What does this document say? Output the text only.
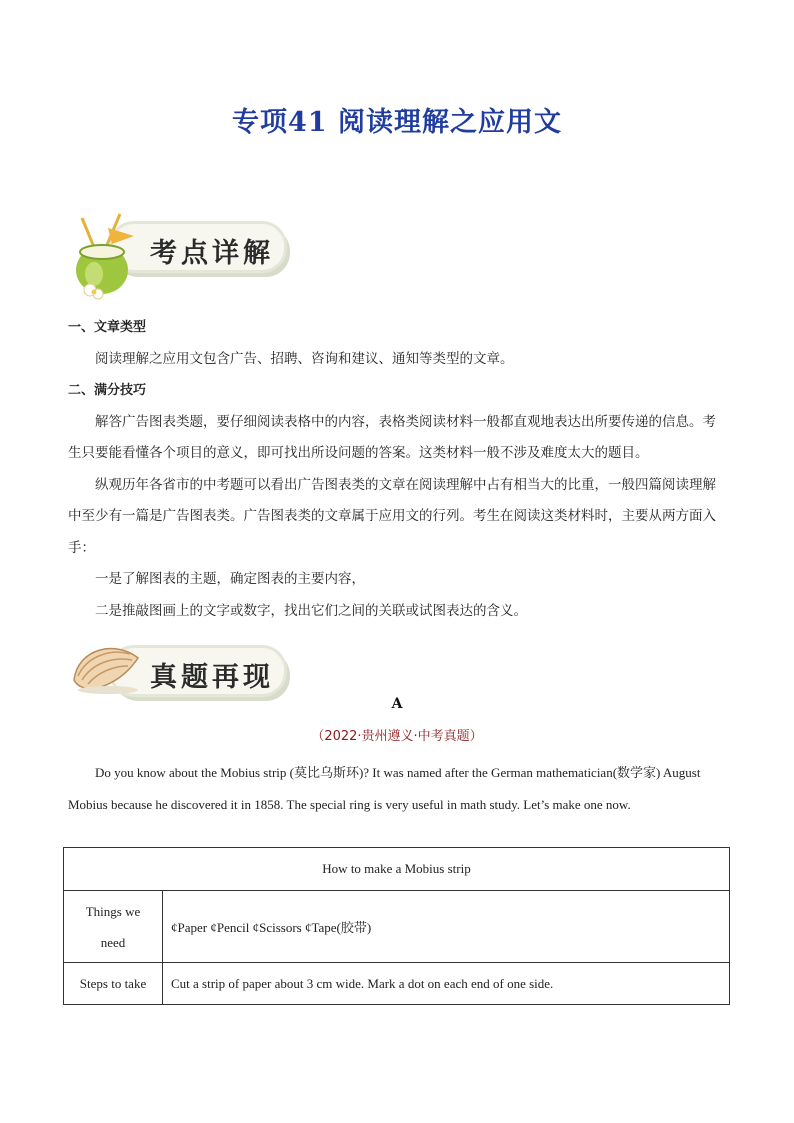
专项41 阅读理解之应用文
考点详解
一、文章类型
阅读理解之应用文包含广告、招聘、咨询和建议、通知等类型的文章。
二、满分技巧
解答广告图表类题，要仔细阅读表格中的内容，表格类阅读材料一般都直观地表达出所要传递的信息。考生只要能看懂各个项目的意义，即可找出所设问题的答案。这类材料一般不涉及难度太大的题目。
纵观历年各省市的中考题可以看出广告图表类的文章在阅读理解中占有相当大的比重，一般四篇阅读理解中至少有一篇是广告图表类。广告图表类的文章属于应用文的行列。考生在阅读这类材料时，主要从两方面入手：
一是了解图表的主题，确定图表的主要内容，
二是推敲图画上的文字或数字，找出它们之间的关联或试图表达的含义。
真题再现
A
（2022·贵州遵义·中考真题）
Do you know about the Mobius strip (莫比乌斯环)? It was named after the German mathematician(数学家) August Mobius because he discovered it in 1858. The special ring is very useful in math study. Let’s make one now.
How to make a Mobius strip	
Things we need	¢Paper ¢Pencil ¢Scissors ¢Tape(胶带)
Steps to take	Cut a strip of paper about 3 cm wide. Mark a dot on each end of one side.
